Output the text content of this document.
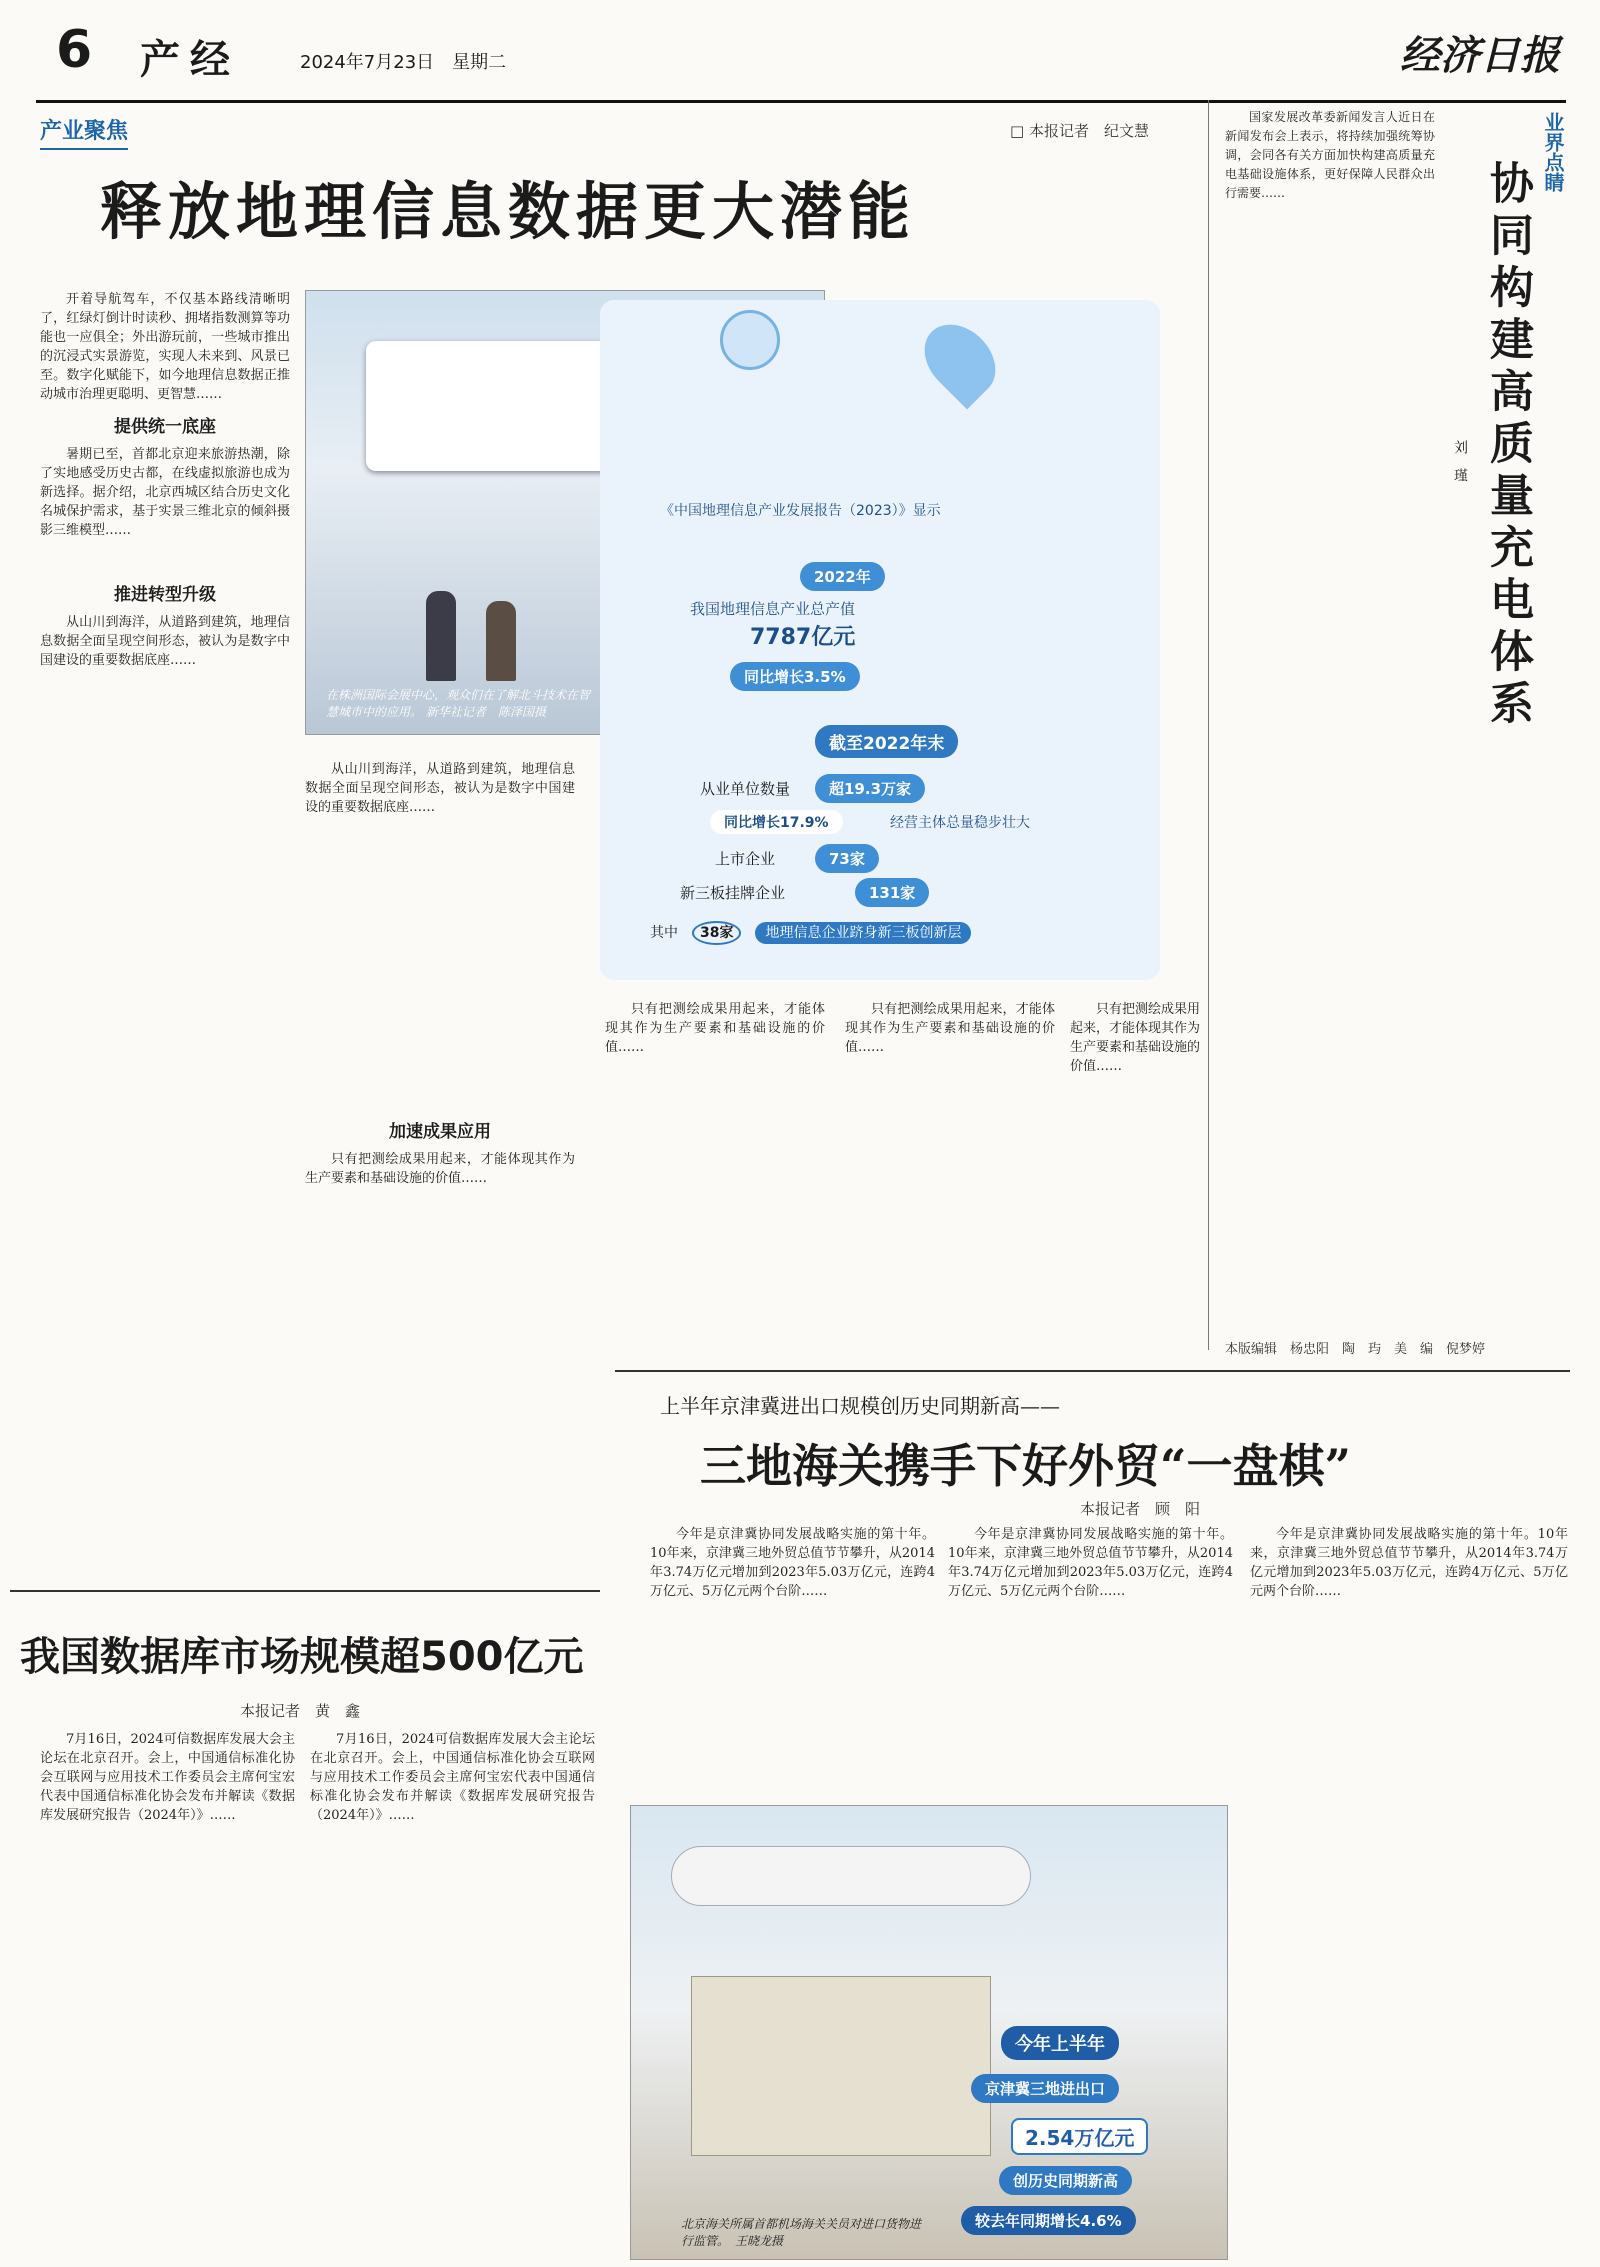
6 产经	2024年7月23日　星期二	经济日报
产业聚焦	□ 本报记者　纪文慧
释放地理信息数据更大潜能

开着导航驾车，不仅基本路线清晰明了，红绿灯倒计时读秒、拥堵指数测算等功能也一应俱全；外出游玩前，一些城市推出的沉浸式实景游览，实现人未来到、风景已至。数字化赋能下，如今地理信息数据正推动城市治理更聪明、更智慧……

提供统一底座

暑期已至，首都北京迎来旅游热潮，除了实地感受历史古都，在线虚拟旅游也成为新选择。据介绍，北京西城区结合历史文化名城保护需求，基于实景三维北京的倾斜摄影三维模型……

推进转型升级

从山川到海洋，从道路到建筑，地理信息数据全面呈现空间形态，被认为是数字中国建设的重要数据底座……

在株洲国际会展中心，观众们在了解北斗技术在智慧城市中的应用。 新华社记者　陈泽国摄
《中国地理信息产业发展报告（2023）》显示
2022年
我国地理信息产业总产值
7787亿元
同比增长3.5%
截至2022年末
从业单位数量	超19.3万家
同比增长17.9%	经营主体总量稳步壮大
上市企业	73家
新三板挂牌企业	131家
其中　 38家　 地理信息企业跻身新三板创新层

从山川到海洋，从道路到建筑，地理信息数据全面呈现空间形态，被认为是数字中国建设的重要数据底座……

加速成果应用

只有把测绘成果用起来，才能体现其作为生产要素和基础设施的价值……

只有把测绘成果用起来，才能体现其作为生产要素和基础设施的价值……

只有把测绘成果用起来，才能体现其作为生产要素和基础设施的价值……

只有把测绘成果用起来，才能体现其作为生产要素和基础设施的价值……

国家发展改革委新闻发言人近日在新闻发布会上表示，将持续加强统筹协调，会同各有关方面加快构建高质量充电基础设施体系，更好保障人民群众出行需要……

业界点睛
协同构建高质量充电体系
刘　瑾
本版编辑　杨忠阳　陶　玙　美　编　倪梦婷
上半年京津冀进出口规模创历史同期新高——
三地海关携手下好外贸“一盘棋”
本报记者　顾　阳

今年是京津冀协同发展战略实施的第十年。10年来，京津冀三地外贸总值节节攀升，从2014年3.74万亿元增加到2023年5.03万亿元，连跨4万亿元、5万亿元两个台阶……

今年是京津冀协同发展战略实施的第十年。10年来，京津冀三地外贸总值节节攀升，从2014年3.74万亿元增加到2023年5.03万亿元，连跨4万亿元、5万亿元两个台阶……

今年是京津冀协同发展战略实施的第十年。10年来，京津冀三地外贸总值节节攀升，从2014年3.74万亿元增加到2023年5.03万亿元，连跨4万亿元、5万亿元两个台阶……

北京海关所属首都机场海关关员对进口货物进行监管。　王晓龙摄
今年上半年
京津冀三地进出口
2.54万亿元
创历史同期新高
较去年同期增长4.6%
我国数据库市场规模超500亿元
本报记者　黄　鑫

7月16日，2024可信数据库发展大会主论坛在北京召开。会上，中国通信标准化协会互联网与应用技术工作委员会主席何宝宏代表中国通信标准化协会发布并解读《数据库发展研究报告（2024年）》……

7月16日，2024可信数据库发展大会主论坛在北京召开。会上，中国通信标准化协会互联网与应用技术工作委员会主席何宝宏代表中国通信标准化协会发布并解读《数据库发展研究报告（2024年）》……
